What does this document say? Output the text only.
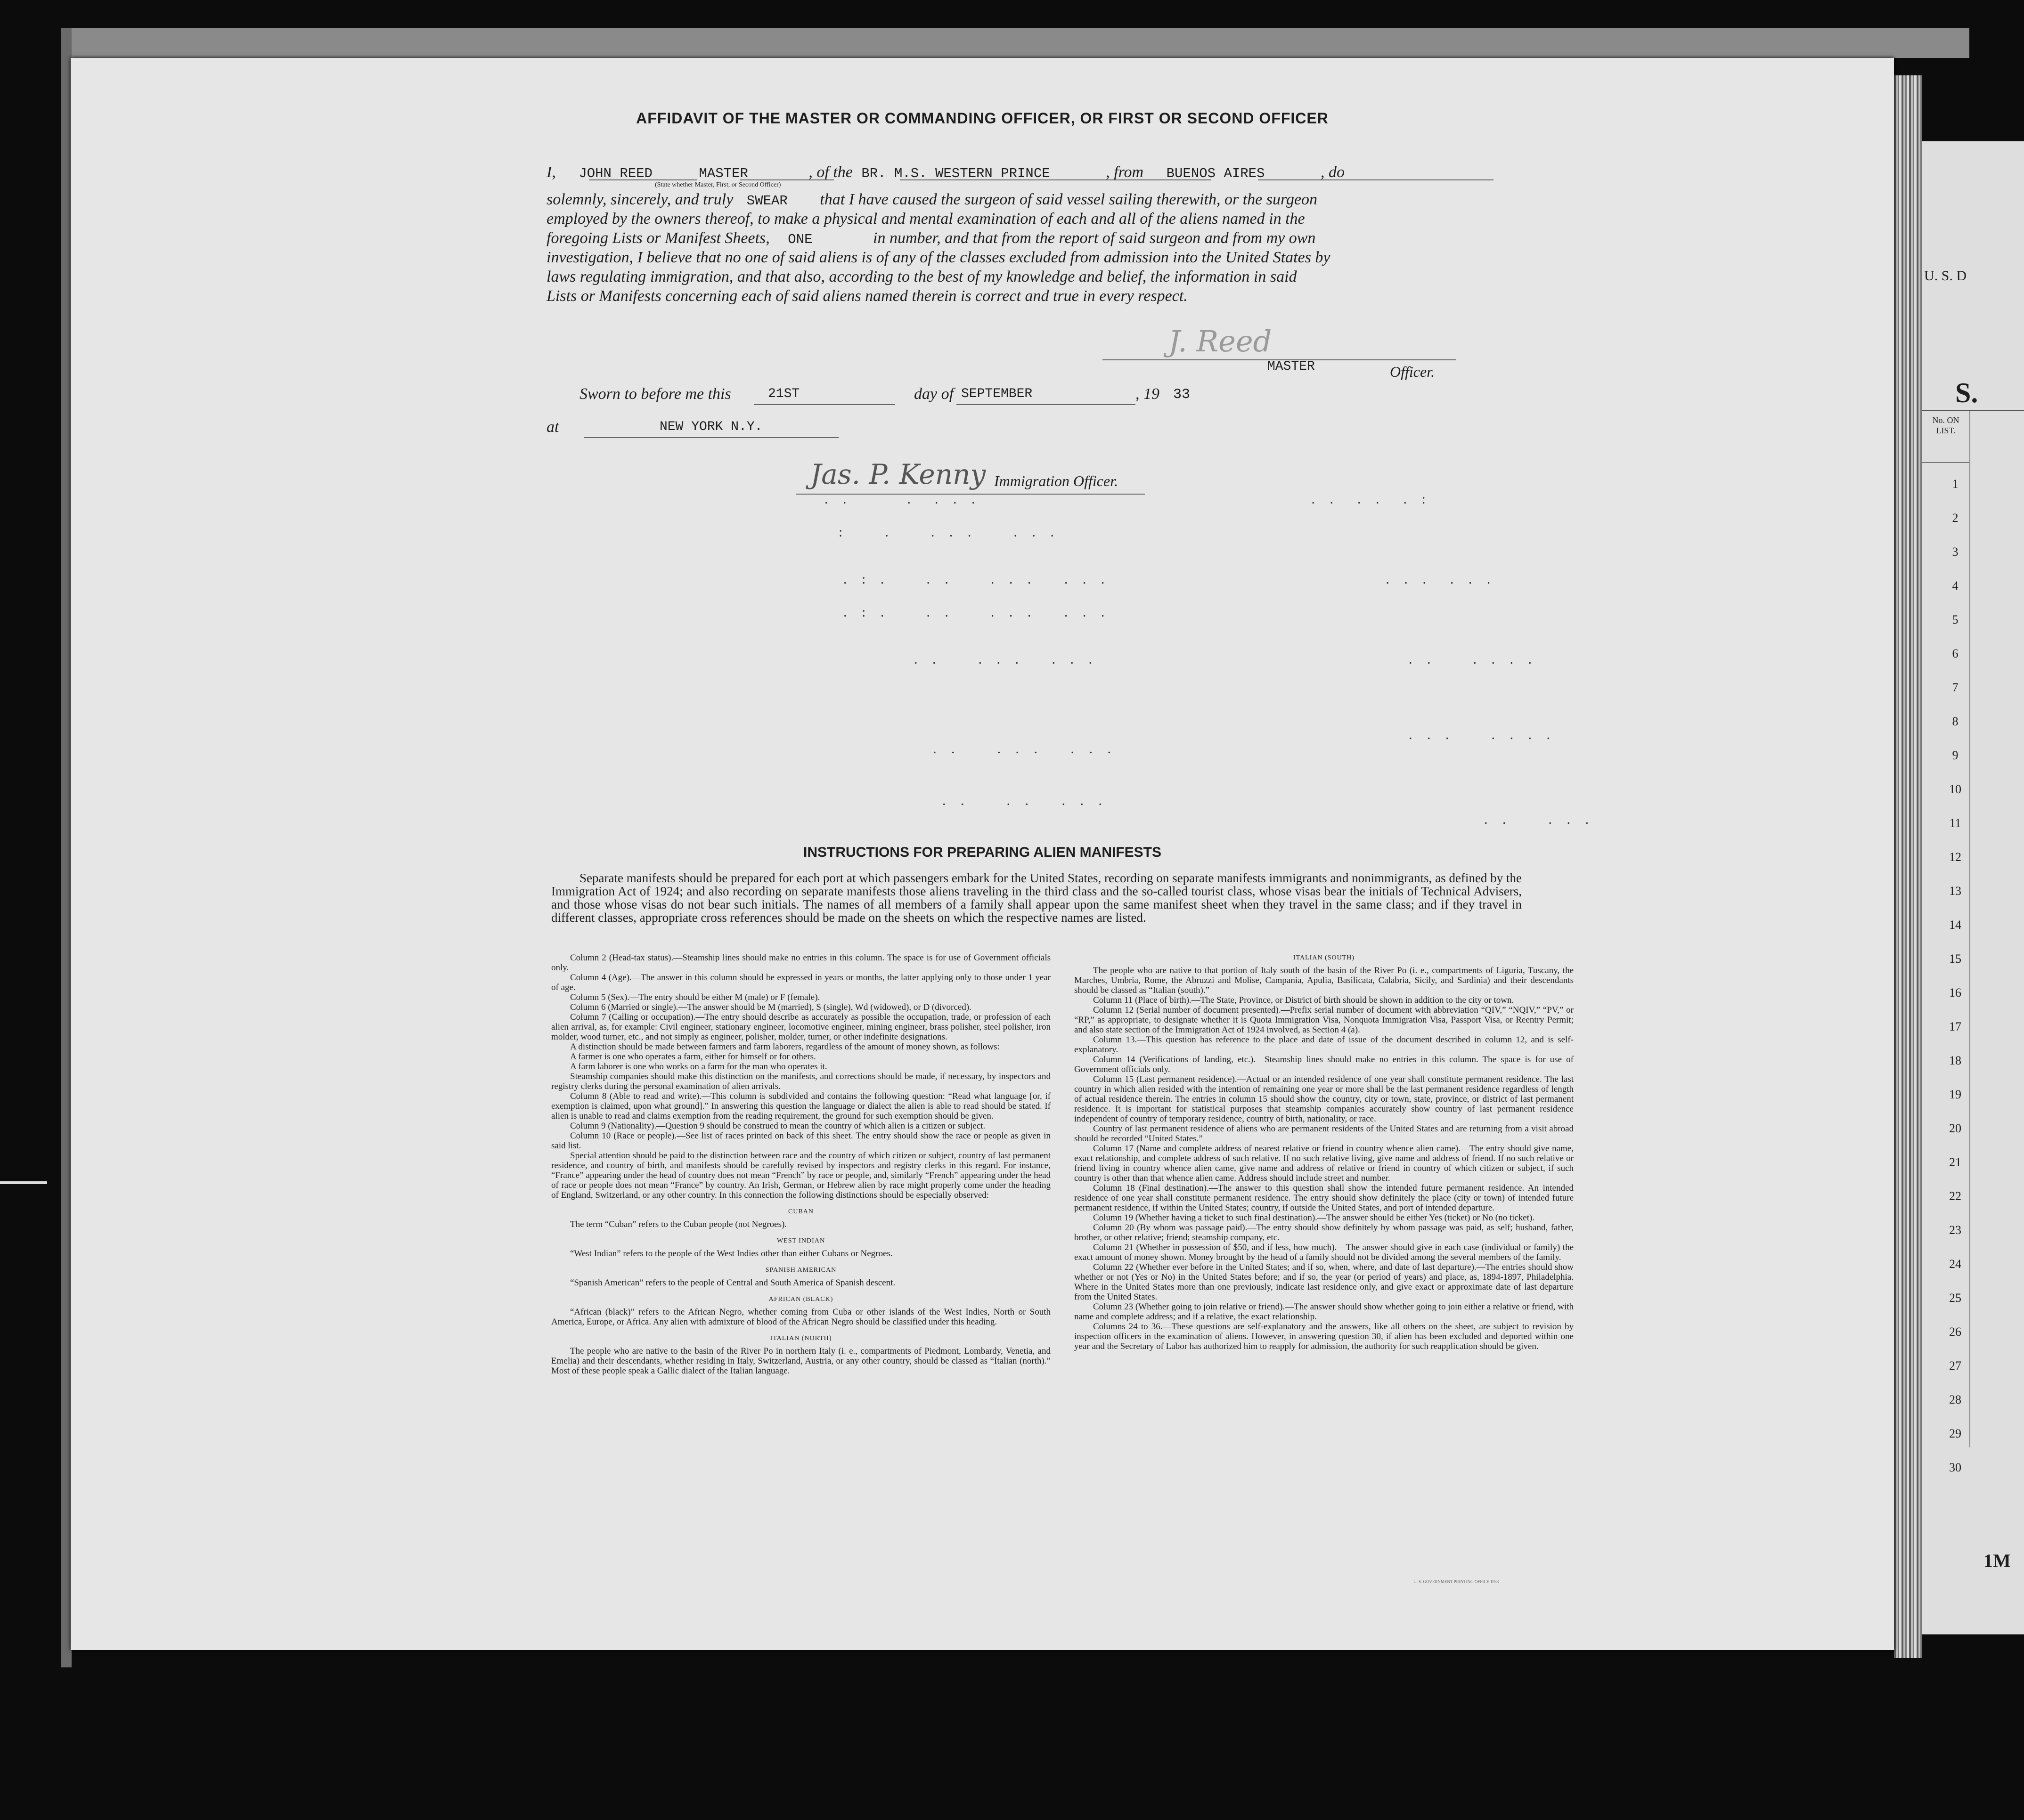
U. S. D
S.
No. ON LIST.
1
2
3
4
5
6
7
8
9
10
11
12
13
14
15
16
17
18
19
20
21
22
23
24
25
26
27
28
29
30
1M
AFFIDAVIT OF THE MASTER OR COMMANDING OFFICER, OR FIRST OR SECOND OFFICER
I, JOHN REED	MASTER	, of the BR. M.S. WESTERN PRINCE	, from BUENOS AIRES	, do
(State whether Master, First, or Second Officer)
solemnly, sincerely, and truly SWEAR that I have caused the surgeon of said vessel sailing therewith, or the surgeon
employed by the owners thereof, to make a physical and mental examination of each and all of the aliens named in the
foregoing Lists or Manifest Sheets, ONE	in number, and that from the report of said surgeon and from my own
investigation, I believe that no one of said aliens is of any of the classes excluded from admission into the United States by
laws regulating immigration, and that also, according to the best of my knowledge and belief, the information in said
Lists or Manifests concerning each of said aliens named therein is correct and true in every respect.
J. Reed
MASTER	Officer.
Sworn to before me this	21ST	day of SEPTEMBER	, 19 33
at	NEW YORK N.Y.
Jas. P. Kenny Immigration Officer.
. .      .  . . .                                    . .  . .  . :
:    .    . . .    . . .
. : .    . .    . . .   . . .                              . . .  . . .
. : .    . .    . . .   . . .
. .    . . .   . . .
. .    . . .   . . .
. .    . .   . . .
. .    . . . .
. . .    . . . .
. .    . . .
INSTRUCTIONS FOR PREPARING ALIEN MANIFESTS
Separate manifests should be prepared for each port at which passengers embark for the United States, recording on separate manifests immigrants and nonimmigrants, as defined by the Immigration Act of 1924; and also recording on separate manifests those aliens traveling in the third class and the so-called tourist class, whose visas bear the initials of Technical Advisers, and those whose visas do not bear such initials. The names of all members of a family shall appear upon the same manifest sheet when they travel in the same class; and if they travel in different classes, appropriate cross references should be made on the sheets on which the respective names are listed.

Column 2 (Head-tax status).—Steamship lines should make no entries in this column. The space is for use of Government officials only.

Column 4 (Age).—The answer in this column should be expressed in years or months, the latter applying only to those under 1 year of age.

Column 5 (Sex).—The entry should be either M (male) or F (female).

Column 6 (Married or single).—The answer should be M (married), S (single), Wd (widowed), or D (divorced).

Column 7 (Calling or occupation).—The entry should describe as accurately as possible the occupation, trade, or profession of each alien arrival, as, for example: Civil engineer, stationary engineer, locomotive engineer, mining engineer, brass polisher, steel polisher, iron molder, wood turner, etc., and not simply as engineer, polisher, molder, turner, or other indefinite designations.

A distinction should be made between farmers and farm laborers, regardless of the amount of money shown, as follows:

A farmer is one who operates a farm, either for himself or for others.

A farm laborer is one who works on a farm for the man who operates it.

Steamship companies should make this distinction on the manifests, and corrections should be made, if necessary, by inspectors and registry clerks during the personal examination of alien arrivals.

Column 8 (Able to read and write).—This column is subdivided and contains the following question: “Read what language [or, if exemption is claimed, upon what ground].” In answering this question the language or dialect the alien is able to read should be stated. If alien is unable to read and claims exemption from the reading requirement, the ground for such exemption should be given.

Column 9 (Nationality).—Question 9 should be construed to mean the country of which alien is a citizen or subject.

Column 10 (Race or people).—See list of races printed on back of this sheet. The entry should show the race or people as given in said list.

Special attention should be paid to the distinction between race and the country of which citizen or subject, country of last permanent residence, and country of birth, and manifests should be carefully revised by inspectors and registry clerks in this regard. For instance, “France” appearing under the head of country does not mean “French” by race or people, and, similarly “French” appearing under the head of race or people does not mean “France” by country. An Irish, German, or Hebrew alien by race might properly come under the heading of England, Switzerland, or any other country. In this connection the following distinctions should be especially observed:

CUBAN

The term “Cuban” refers to the Cuban people (not Negroes).

WEST INDIAN

“West Indian” refers to the people of the West Indies other than either Cubans or Negroes.

SPANISH AMERICAN

“Spanish American” refers to the people of Central and South America of Spanish descent.

AFRICAN (BLACK)

“African (black)” refers to the African Negro, whether coming from Cuba or other islands of the West Indies, North or South America, Europe, or Africa. Any alien with admixture of blood of the African Negro should be classified under this heading.

ITALIAN (NORTH)

The people who are native to the basin of the River Po in northern Italy (i. e., compartments of Piedmont, Lombardy, Venetia, and Emelia) and their descendants, whether residing in Italy, Switzerland, Austria, or any other country, should be classed as “Italian (north).” Most of these people speak a Gallic dialect of the Italian language.

ITALIAN (SOUTH)

The people who are native to that portion of Italy south of the basin of the River Po (i. e., compartments of Liguria, Tuscany, the Marches, Umbria, Rome, the Abruzzi and Molise, Campania, Apulia, Basilicata, Calabria, Sicily, and Sardinia) and their descendants should be classed as “Italian (south).”

Column 11 (Place of birth).—The State, Province, or District of birth should be shown in addition to the city or town.

Column 12 (Serial number of document presented).—Prefix serial number of document with abbreviation “QIV,” “NQIV,” “PV,” or “RP,” as appropriate, to designate whether it is Quota Immigration Visa, Nonquota Immigration Visa, Passport Visa, or Reentry Permit; and also state section of the Immigration Act of 1924 involved, as Section 4 (a).

Column 13.—This question has reference to the place and date of issue of the document described in column 12, and is self-explanatory.

Column 14 (Verifications of landing, etc.).—Steamship lines should make no entries in this column. The space is for use of Government officials only.

Column 15 (Last permanent residence).—Actual or an intended residence of one year shall constitute permanent residence. The last country in which alien resided with the intention of remaining one year or more shall be the last permanent residence regardless of length of actual residence therein. The entries in column 15 should show the country, city or town, state, province, or district of last permanent residence. It is important for statistical purposes that steamship companies accurately show country of last permanent residence independent of country of temporary residence, country of birth, nationality, or race.

Country of last permanent residence of aliens who are permanent residents of the United States and are returning from a visit abroad should be recorded “United States.”

Column 17 (Name and complete address of nearest relative or friend in country whence alien came).—The entry should give name, exact relationship, and complete address of such relative. If no such relative living, give name and address of friend. If no such relative or friend living in country whence alien came, give name and address of relative or friend in country of which citizen or subject, if such country is other than that whence alien came. Address should include street and number.

Column 18 (Final destination).—The answer to this question shall show the intended future permanent residence. An intended residence of one year shall constitute permanent residence. The entry should show definitely the place (city or town) of intended future permanent residence, if within the United States; country, if outside the United States, and port of intended departure.

Column 19 (Whether having a ticket to such final destination).—The answer should be either Yes (ticket) or No (no ticket).

Column 20 (By whom was passage paid).—The entry should show definitely by whom passage was paid, as self; husband, father, brother, or other relative; friend; steamship company, etc.

Column 21 (Whether in possession of $50, and if less, how much).—The answer should give in each case (individual or family) the exact amount of money shown. Money brought by the head of a family should not be divided among the several members of the family.

Column 22 (Whether ever before in the United States; and if so, when, where, and date of last departure).—The entries should show whether or not (Yes or No) in the United States before; and if so, the year (or period of years) and place, as, 1894-1897, Philadelphia. Where in the United States more than one previously, indicate last residence only, and give exact or approximate date of last departure from the United States.

Column 23 (Whether going to join relative or friend).—The answer should show whether going to join either a relative or friend, with name and complete address; and if a relative, the exact relationship.

Columns 24 to 36.—These questions are self-explanatory and the answers, like all others on the sheet, are subject to revision by inspection officers in the examination of aliens. However, in answering question 30, if alien has been excluded and deported within one year and the Secretary of Labor has authorized him to reapply for admission, the authority for such reapplication should be given.

U. S. GOVERNMENT PRINTING OFFICE 1933
